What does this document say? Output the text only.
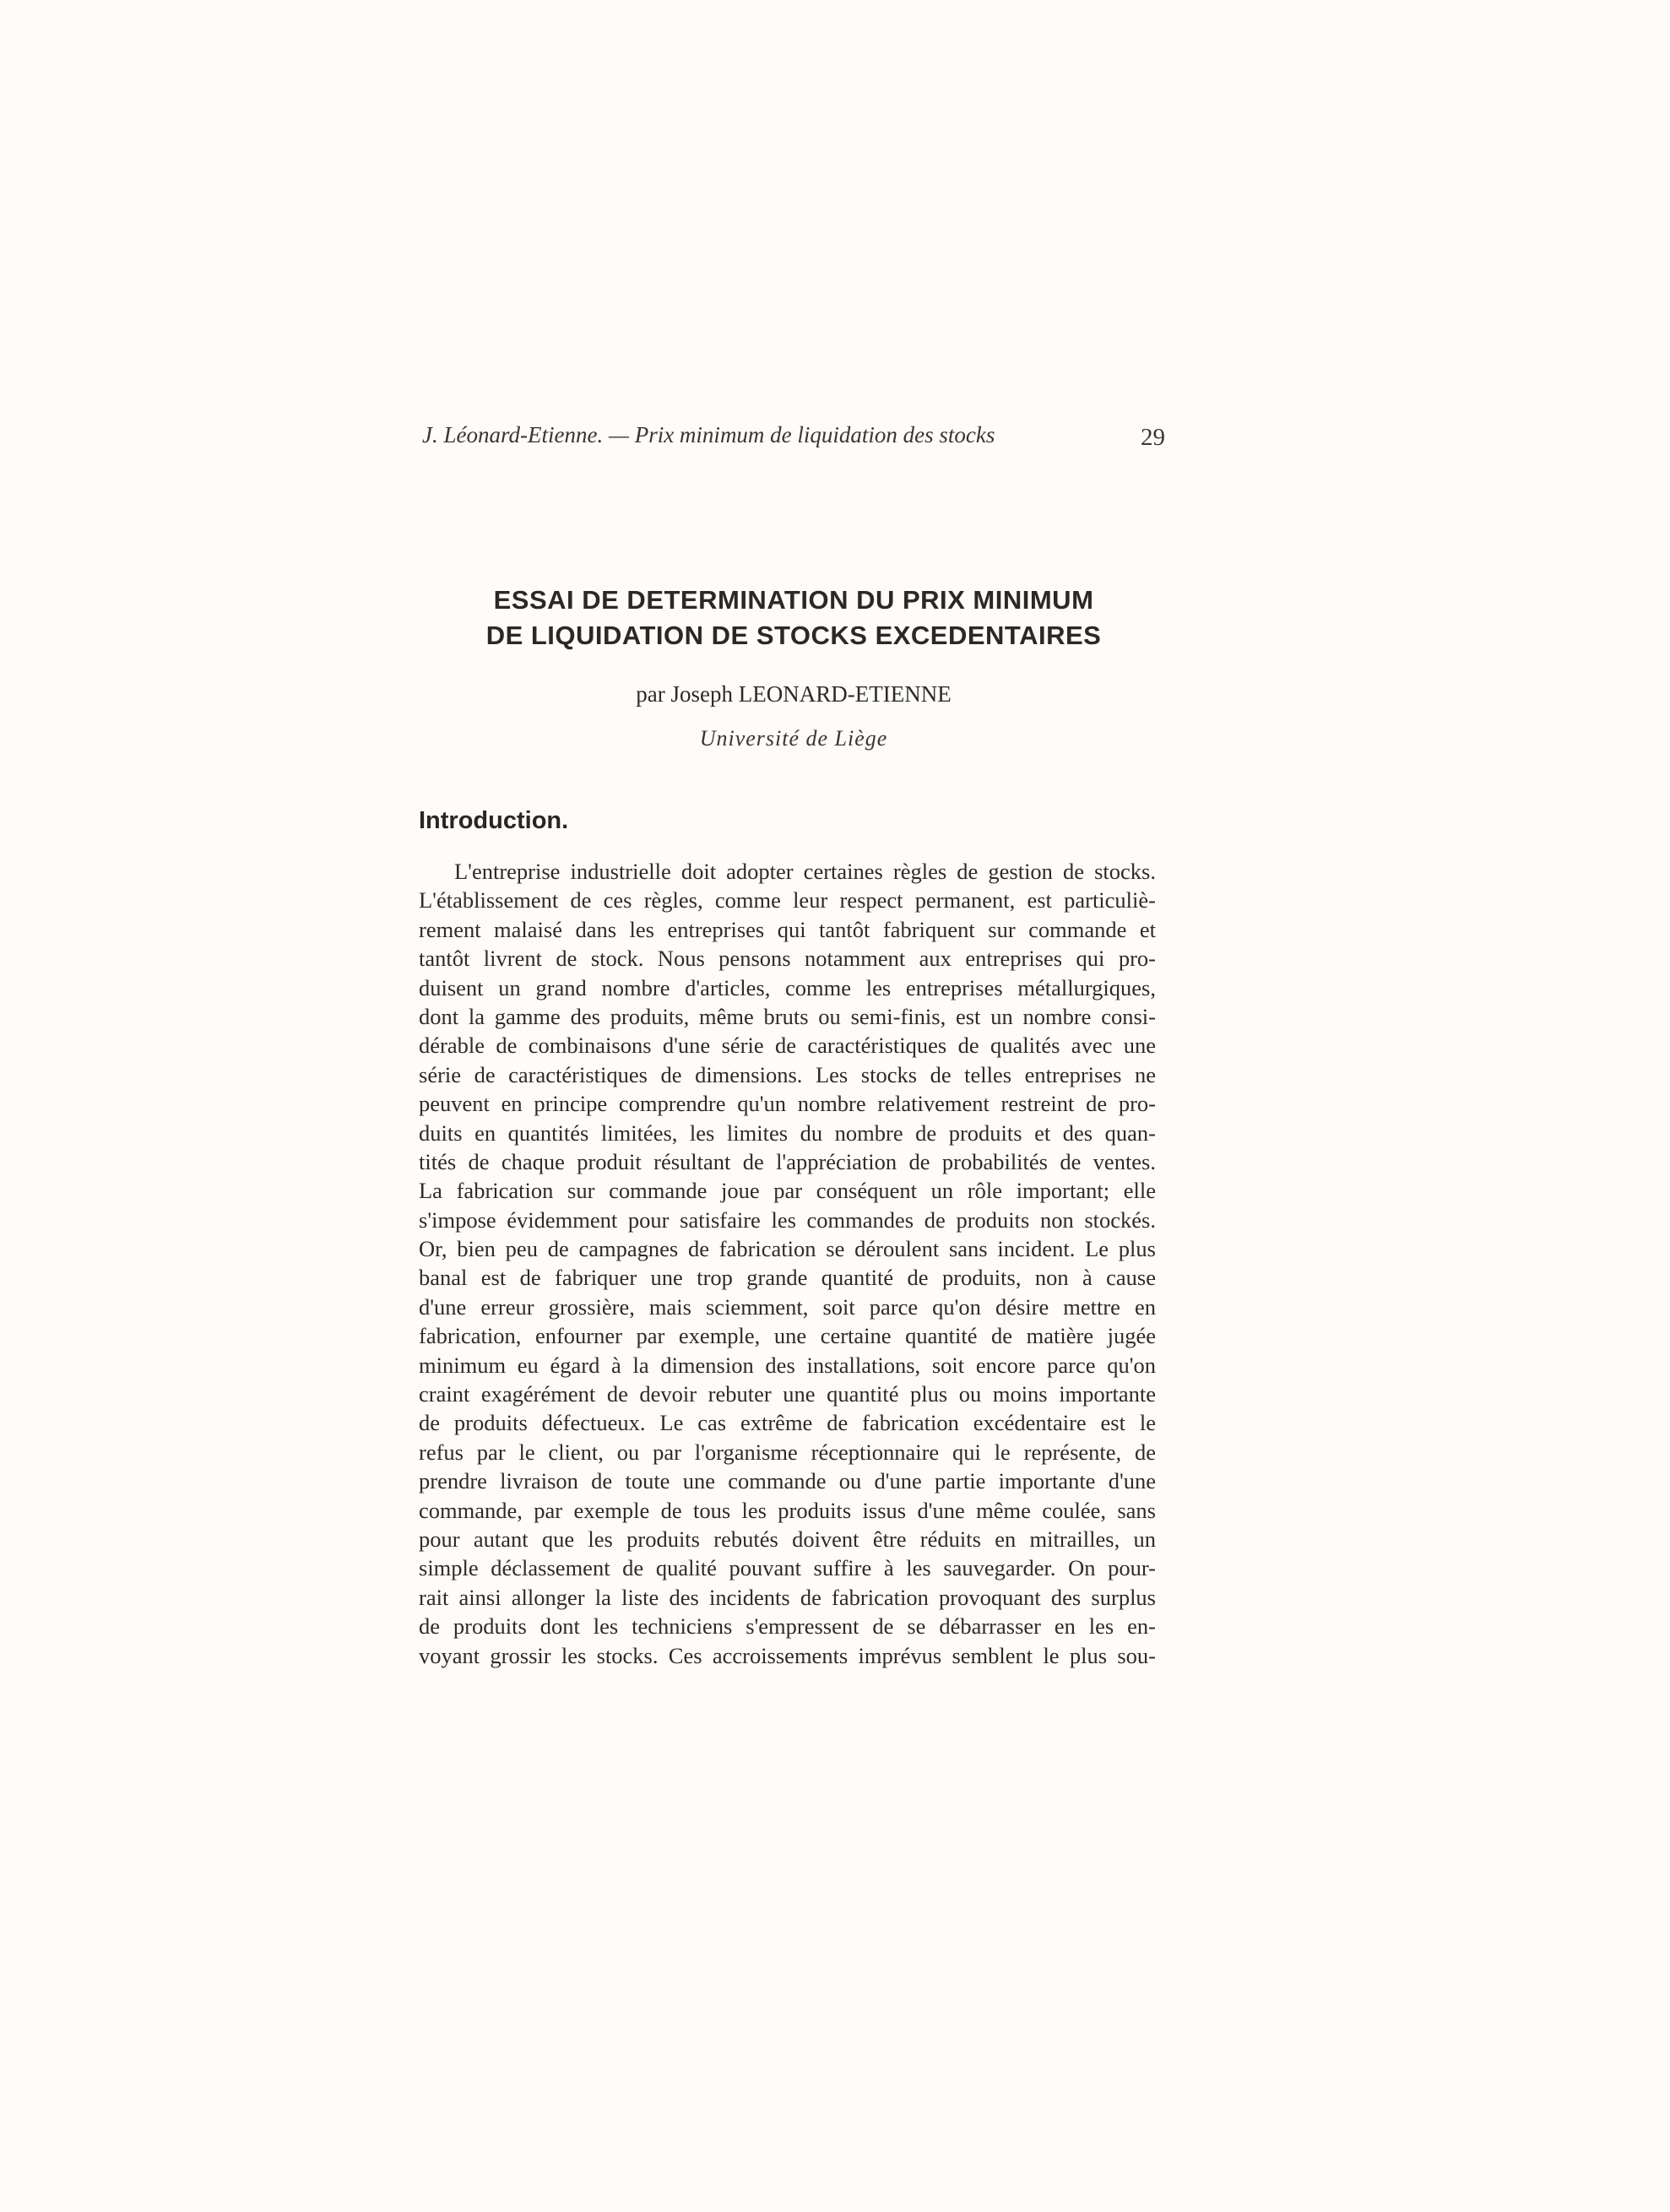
J. Léonard-Etienne. — Prix minimum de liquidation des stocks	29
ESSAI DE DETERMINATION DU PRIX MINIMUM
DE LIQUIDATION DE STOCKS EXCEDENTAIRES
par Joseph LEONARD-ETIENNE
Université de Liège
Introduction.
L'entreprise industrielle doit adopter certaines règles de gestion de stocks.
L'établissement de ces règles, comme leur respect permanent, est particuliè-
rement malaisé dans les entreprises qui tantôt fabriquent sur commande et
tantôt livrent de stock. Nous pensons notamment aux entreprises qui pro-
duisent un grand nombre d'articles, comme les entreprises métallurgiques,
dont la gamme des produits, même bruts ou semi-finis, est un nombre consi-
dérable de combinaisons d'une série de caractéristiques de qualités avec une
série de caractéristiques de dimensions. Les stocks de telles entreprises ne
peuvent en principe comprendre qu'un nombre relativement restreint de pro-
duits en quantités limitées, les limites du nombre de produits et des quan-
tités de chaque produit résultant de l'appréciation de probabilités de ventes.
La fabrication sur commande joue par conséquent un rôle important; elle
s'impose évidemment pour satisfaire les commandes de produits non stockés.
Or, bien peu de campagnes de fabrication se déroulent sans incident. Le plus
banal est de fabriquer une trop grande quantité de produits, non à cause
d'une erreur grossière, mais sciemment, soit parce qu'on désire mettre en
fabrication, enfourner par exemple, une certaine quantité de matière jugée
minimum eu égard à la dimension des installations, soit encore parce qu'on
craint exagérément de devoir rebuter une quantité plus ou moins importante
de produits défectueux. Le cas extrême de fabrication excédentaire est le
refus par le client, ou par l'organisme réceptionnaire qui le représente, de
prendre livraison de toute une commande ou d'une partie importante d'une
commande, par exemple de tous les produits issus d'une même coulée, sans
pour autant que les produits rebutés doivent être réduits en mitrailles, un
simple déclassement de qualité pouvant suffire à les sauvegarder. On pour-
rait ainsi allonger la liste des incidents de fabrication provoquant des surplus
de produits dont les techniciens s'empressent de se débarrasser en les en-
voyant grossir les stocks. Ces accroissements imprévus semblent le plus sou-
